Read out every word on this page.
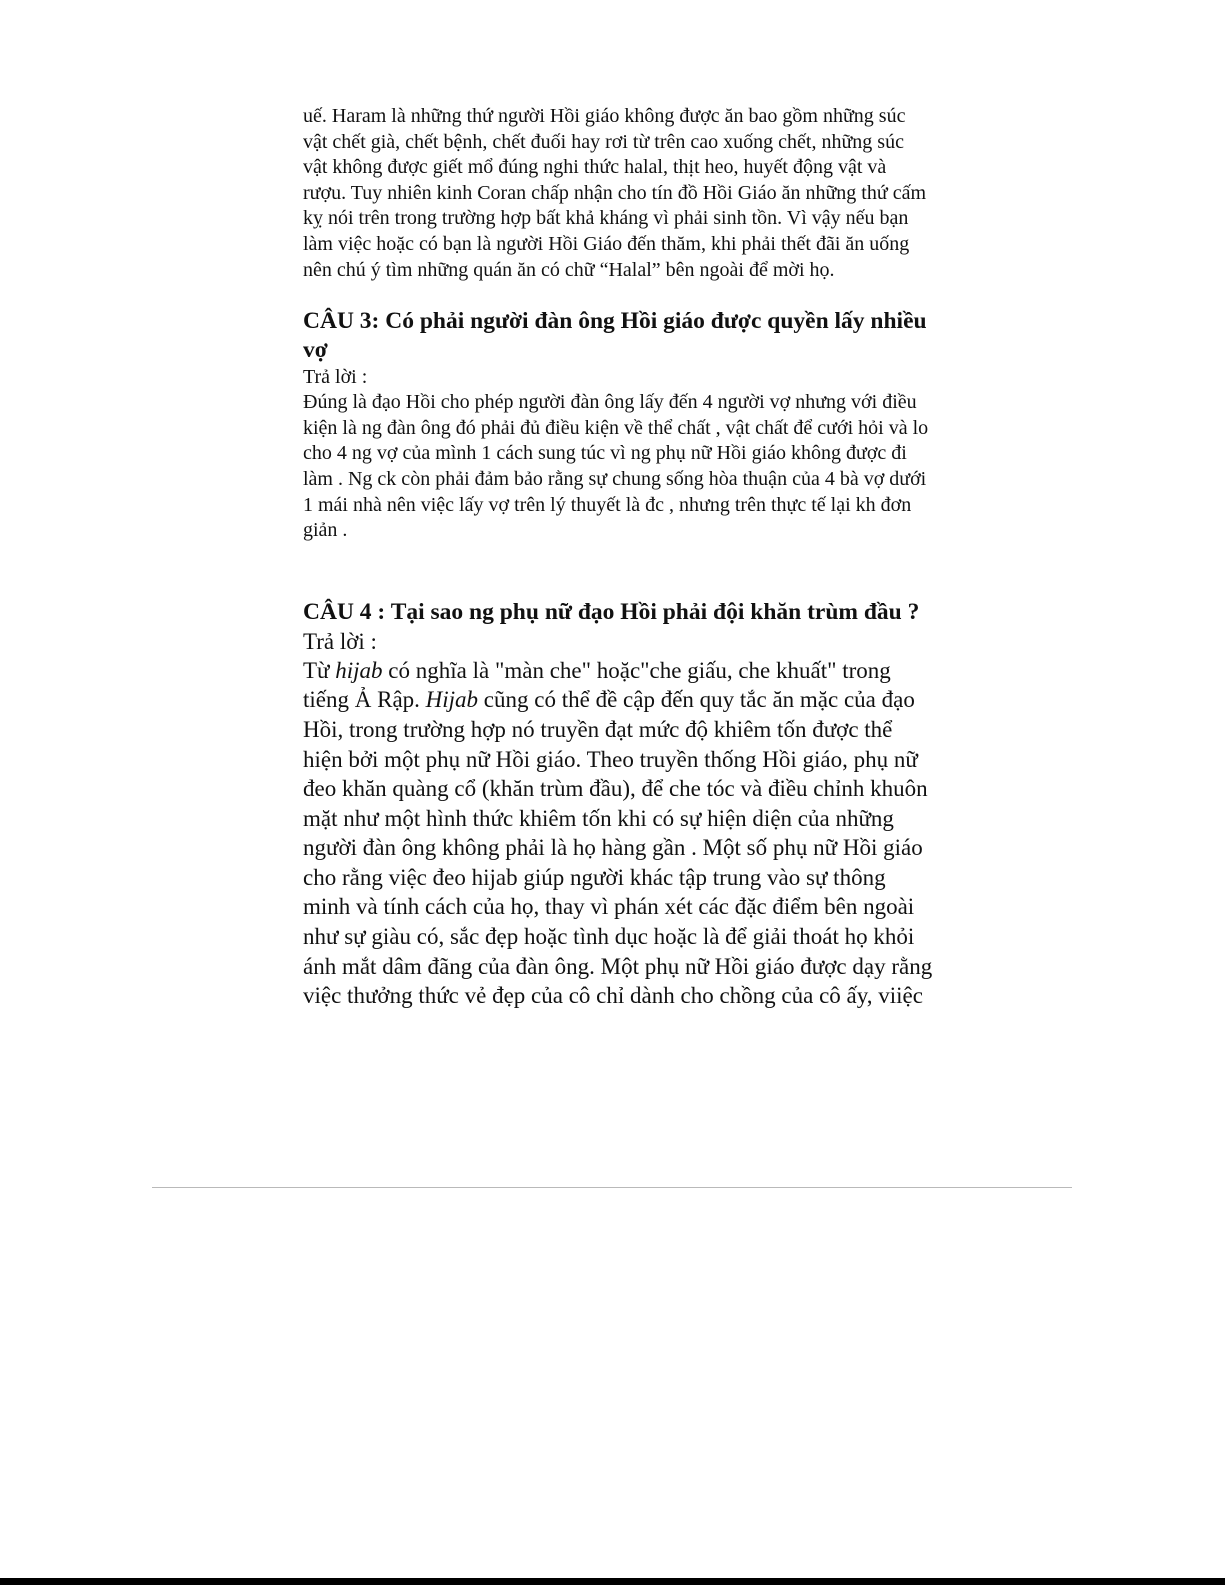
uế. Haram là những thứ người Hồi giáo không được ăn bao gồm những súc
vật chết già, chết bệnh, chết đuối hay rơi từ trên cao xuống chết, những súc
vật không được giết mổ đúng nghi thức halal, thịt heo, huyết động vật và
rượu. Tuy nhiên kinh Coran chấp nhận cho tín đồ Hồi Giáo ăn những thứ cấm
kỵ nói trên trong trường hợp bất khả kháng vì phải sinh tồn. Vì vậy nếu bạn
làm việc hoặc có bạn là người Hồi Giáo đến thăm, khi phải thết đãi ăn uống
nên chú ý tìm những quán ăn có chữ “Halal” bên ngoài để mời họ.

CÂU 3: Có phải người đàn ông Hồi giáo được quyền lấy nhiều
vợ

Trả lời :

Đúng là đạo Hồi cho phép người đàn ông lấy đến 4 người vợ nhưng với điều
kiện là ng đàn ông đó phải đủ điều kiện về thể chất , vật chất để cưới hỏi và lo
cho 4 ng vợ của mình 1 cách sung túc vì ng phụ nữ Hồi giáo không được đi
làm . Ng ck còn phải đảm bảo rằng sự chung sống hòa thuận của 4 bà vợ dưới
1 mái nhà nên việc lấy vợ trên lý thuyết là đc , nhưng trên thực tế lại kh đơn
giản .

CÂU 4 : Tại sao ng phụ nữ đạo Hồi phải đội khăn trùm đầu ?

Trả lời :

Từ hijab có nghĩa là "màn che" hoặc"che giấu, che khuất" trong
tiếng Ả Rập. Hijab cũng có thể đề cập đến quy tắc ăn mặc của đạo
Hồi, trong trường hợp nó truyền đạt mức độ khiêm tốn được thể
hiện bởi một phụ nữ Hồi giáo. Theo truyền thống Hồi giáo, phụ nữ
đeo khăn quàng cổ (khăn trùm đầu), để che tóc và điều chỉnh khuôn
mặt như một hình thức khiêm tốn khi có sự hiện diện của những
người đàn ông không phải là họ hàng gần . Một số phụ nữ Hồi giáo
cho rằng việc đeo hijab giúp người khác tập trung vào sự thông
minh và tính cách của họ, thay vì phán xét các đặc điểm bên ngoài
như sự giàu có, sắc đẹp hoặc tình dục hoặc là để giải thoát họ khỏi
ánh mắt dâm đãng của đàn ông. Một phụ nữ Hồi giáo được dạy rằng
việc thưởng thức vẻ đẹp của cô chỉ dành cho chồng của cô ấy, viiệc
